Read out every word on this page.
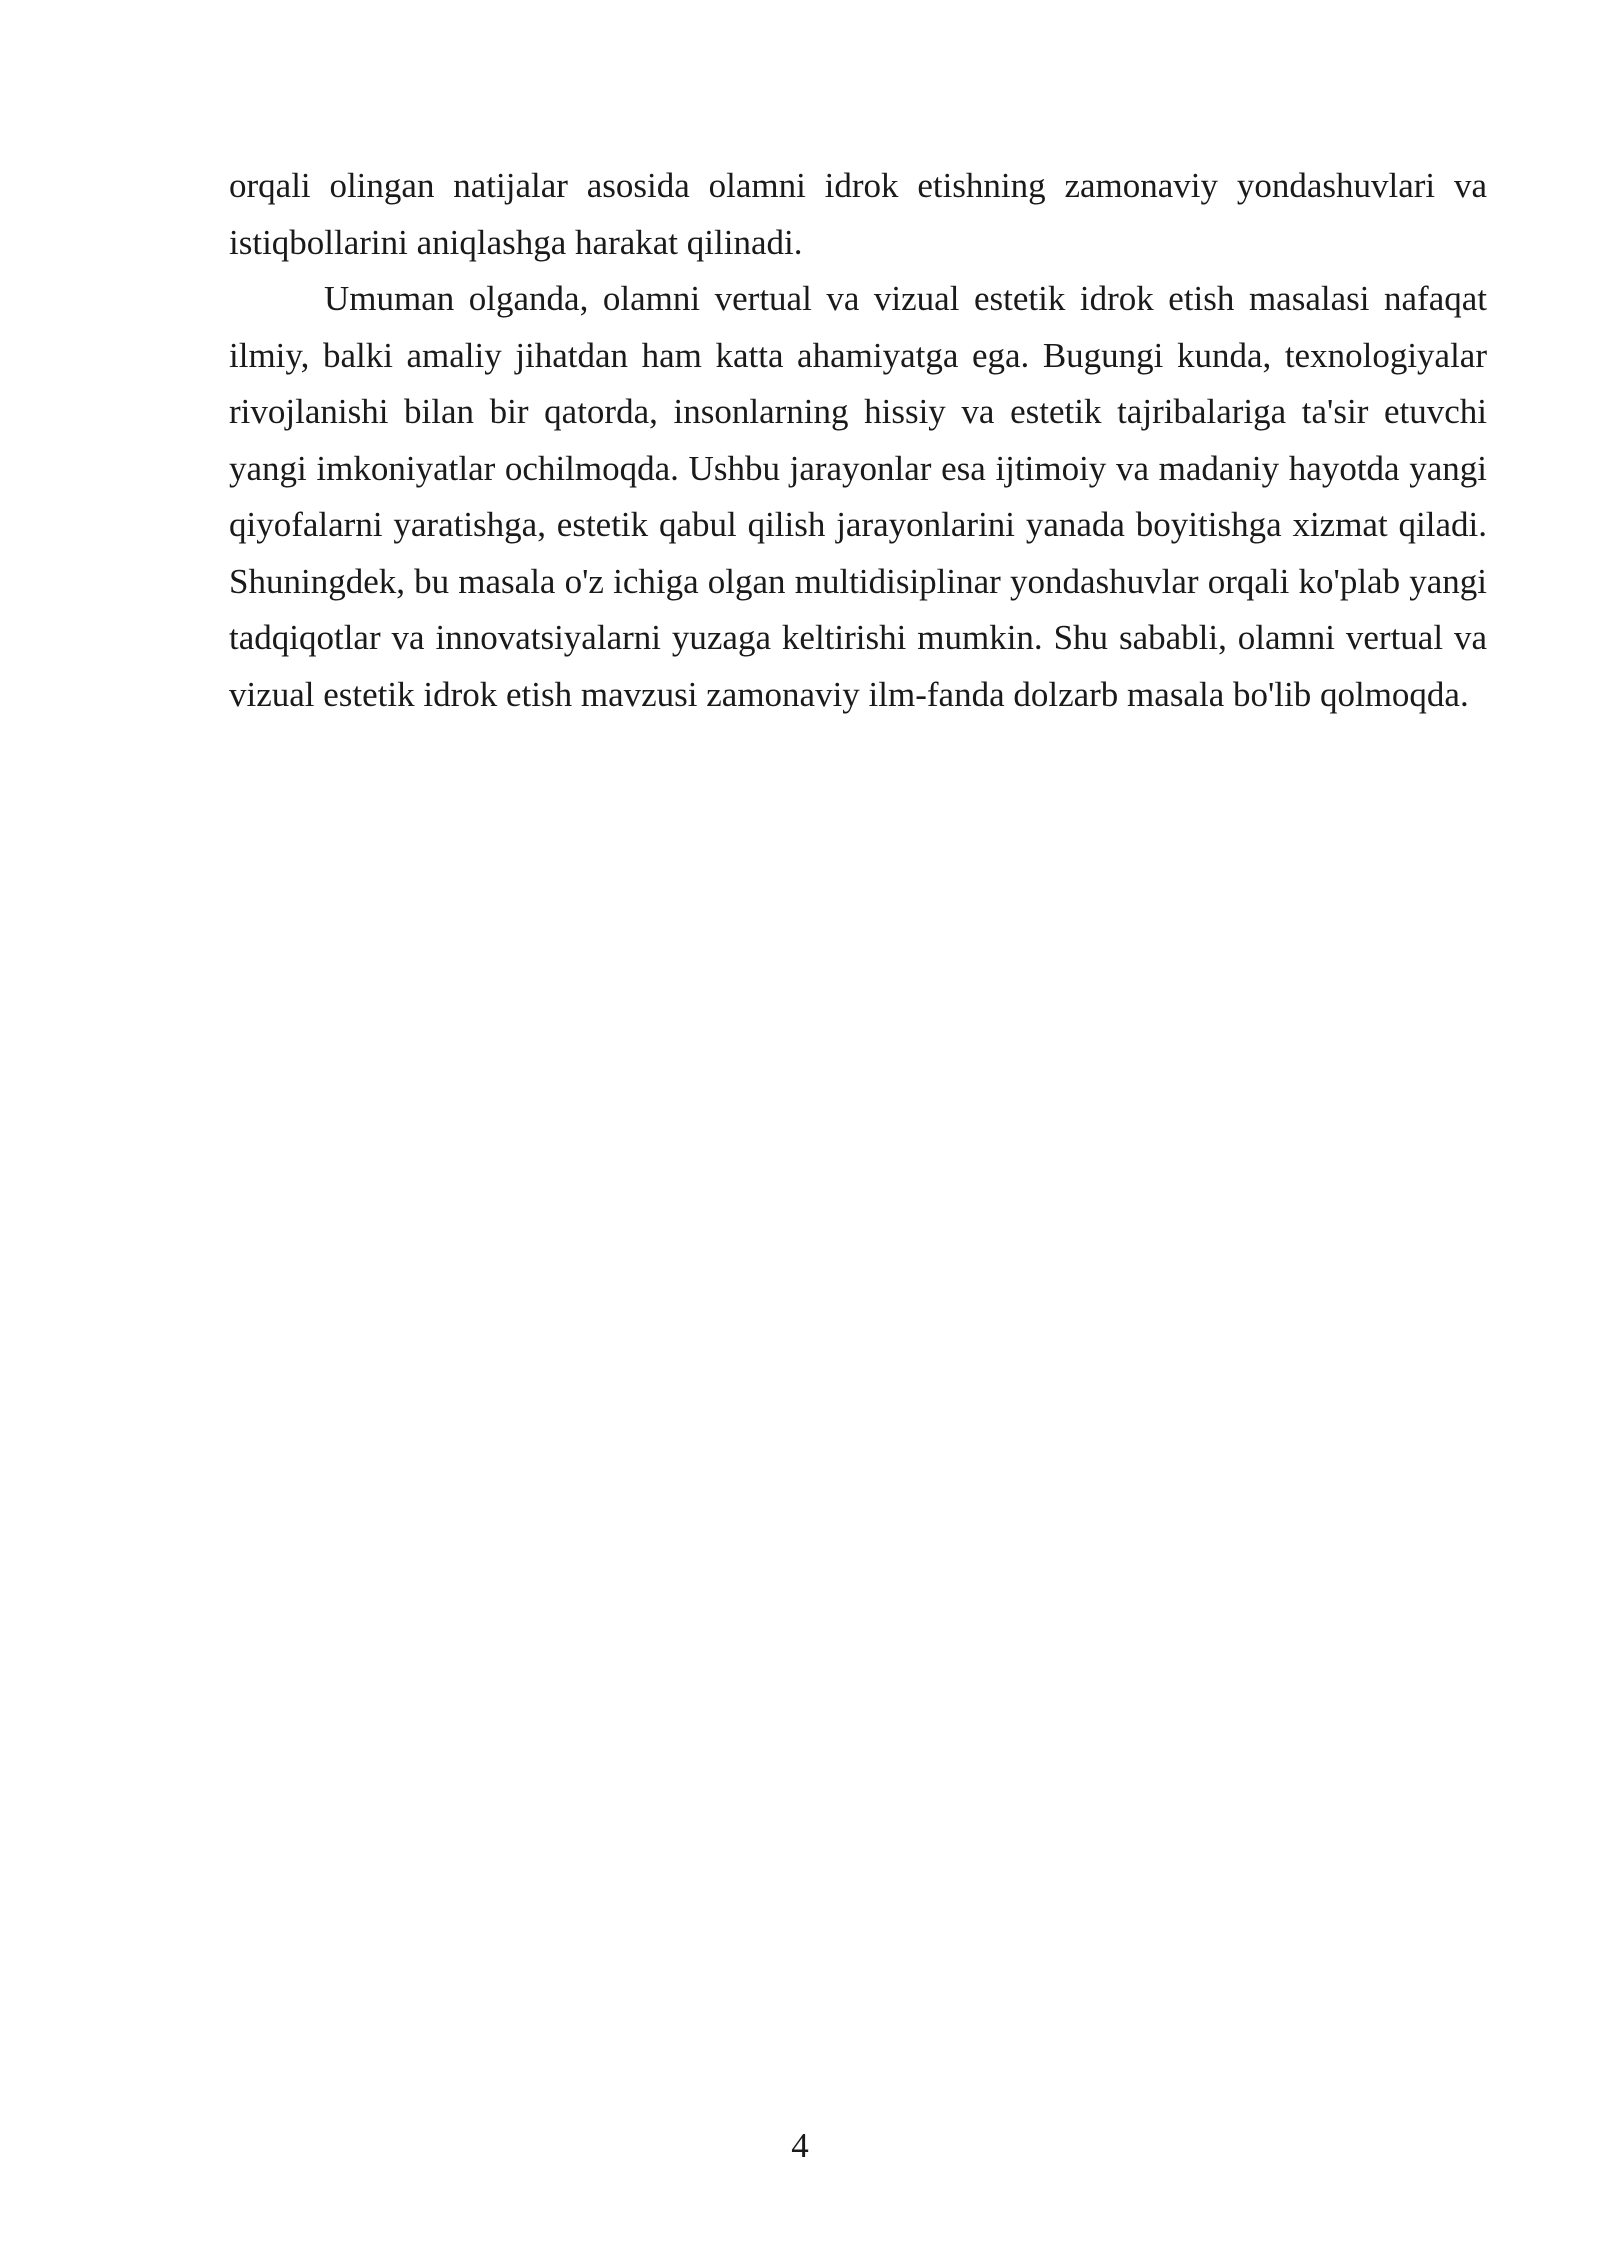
orqali olingan natijalar asosida olamni idrok etishning zamonaviy yondashuvlari va istiqbollarini aniqlashga harakat qilinadi.

Umuman olganda, olamni vertual va vizual estetik idrok etish masalasi nafaqat ilmiy, balki amaliy jihatdan ham katta ahamiyatga ega. Bugungi kunda, texnologiyalar rivojlanishi bilan bir qatorda, insonlarning hissiy va estetik tajribalariga ta'sir etuvchi yangi imkoniyatlar ochilmoqda. Ushbu jarayonlar esa ijtimoiy va madaniy hayotda yangi qiyofalarni yaratishga, estetik qabul qilish jarayonlarini yanada boyitishga xizmat qiladi. Shuningdek, bu masala o'z ichiga olgan multidisiplinar yondashuvlar orqali ko'plab yangi tadqiqotlar va innovatsiyalarni yuzaga keltirishi mumkin. Shu sababli, olamni vertual va vizual estetik idrok etish mavzusi zamonaviy ilm-fanda dolzarb masala bo'lib qolmoqda.

4
